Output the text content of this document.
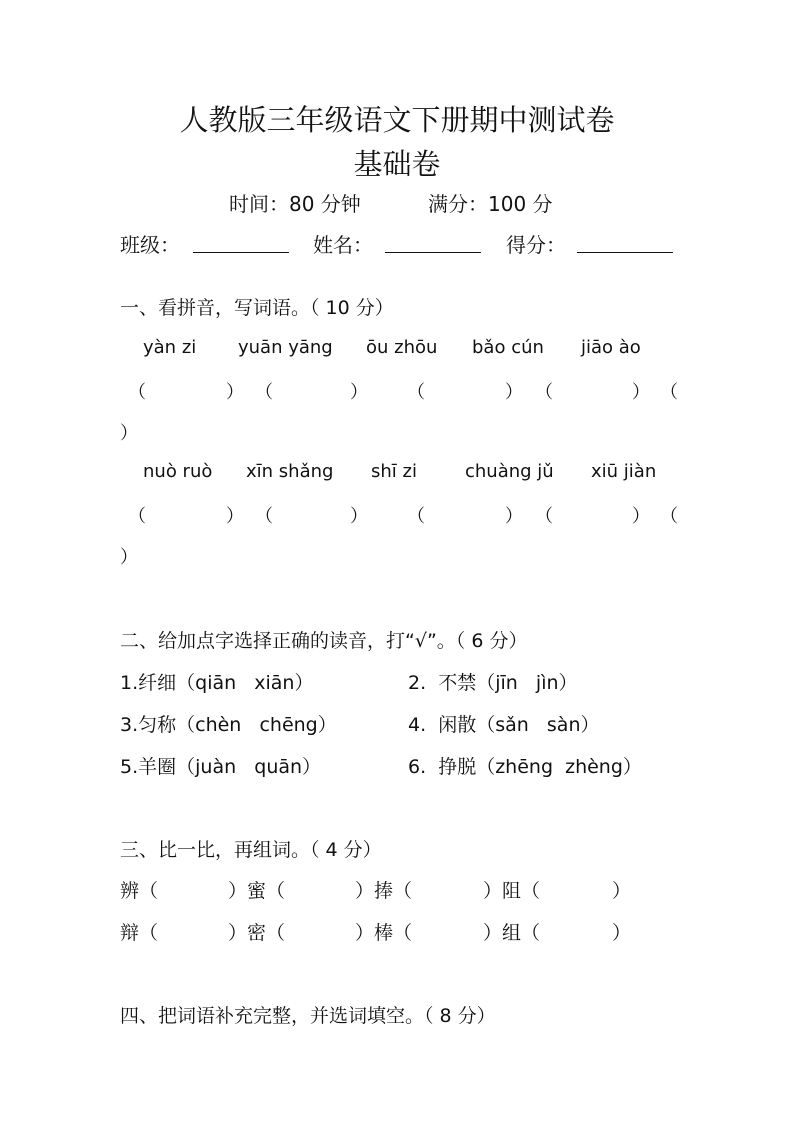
人教版三年级语文下册期中测试卷
基础卷
时间：80 分钟	满分：100 分
班级：	姓名：	得分：
一、看拼音，写词语。（ 10 分）
yàn zi yuān yāng ōu zhōu bǎo cún jiāo ào
（	） （	） （	） （	） （
）
nuò ruò xīn shǎng shī zi	chuàng jǔ xiū jiàn
（	） （	） （	） （	） （
）
二、给加点字选择正确的读音，打“√”。（ 6 分）
1.纤细（qiān   xiān）	2.  不禁（jīn   jìn）
3.匀称（chèn   chēng）	4.  闲散（sǎn   sàn）
5.羊圈（juàn   quān）	6.  挣脱（zhēng  zhèng）
三、比一比，再组词。（ 4 分）
辨（	）蜜（	）捧（	）阻（	）
辩（	）密（	）棒（	）组（	）
四、把词语补充完整，并选词填空。（ 8 分）
